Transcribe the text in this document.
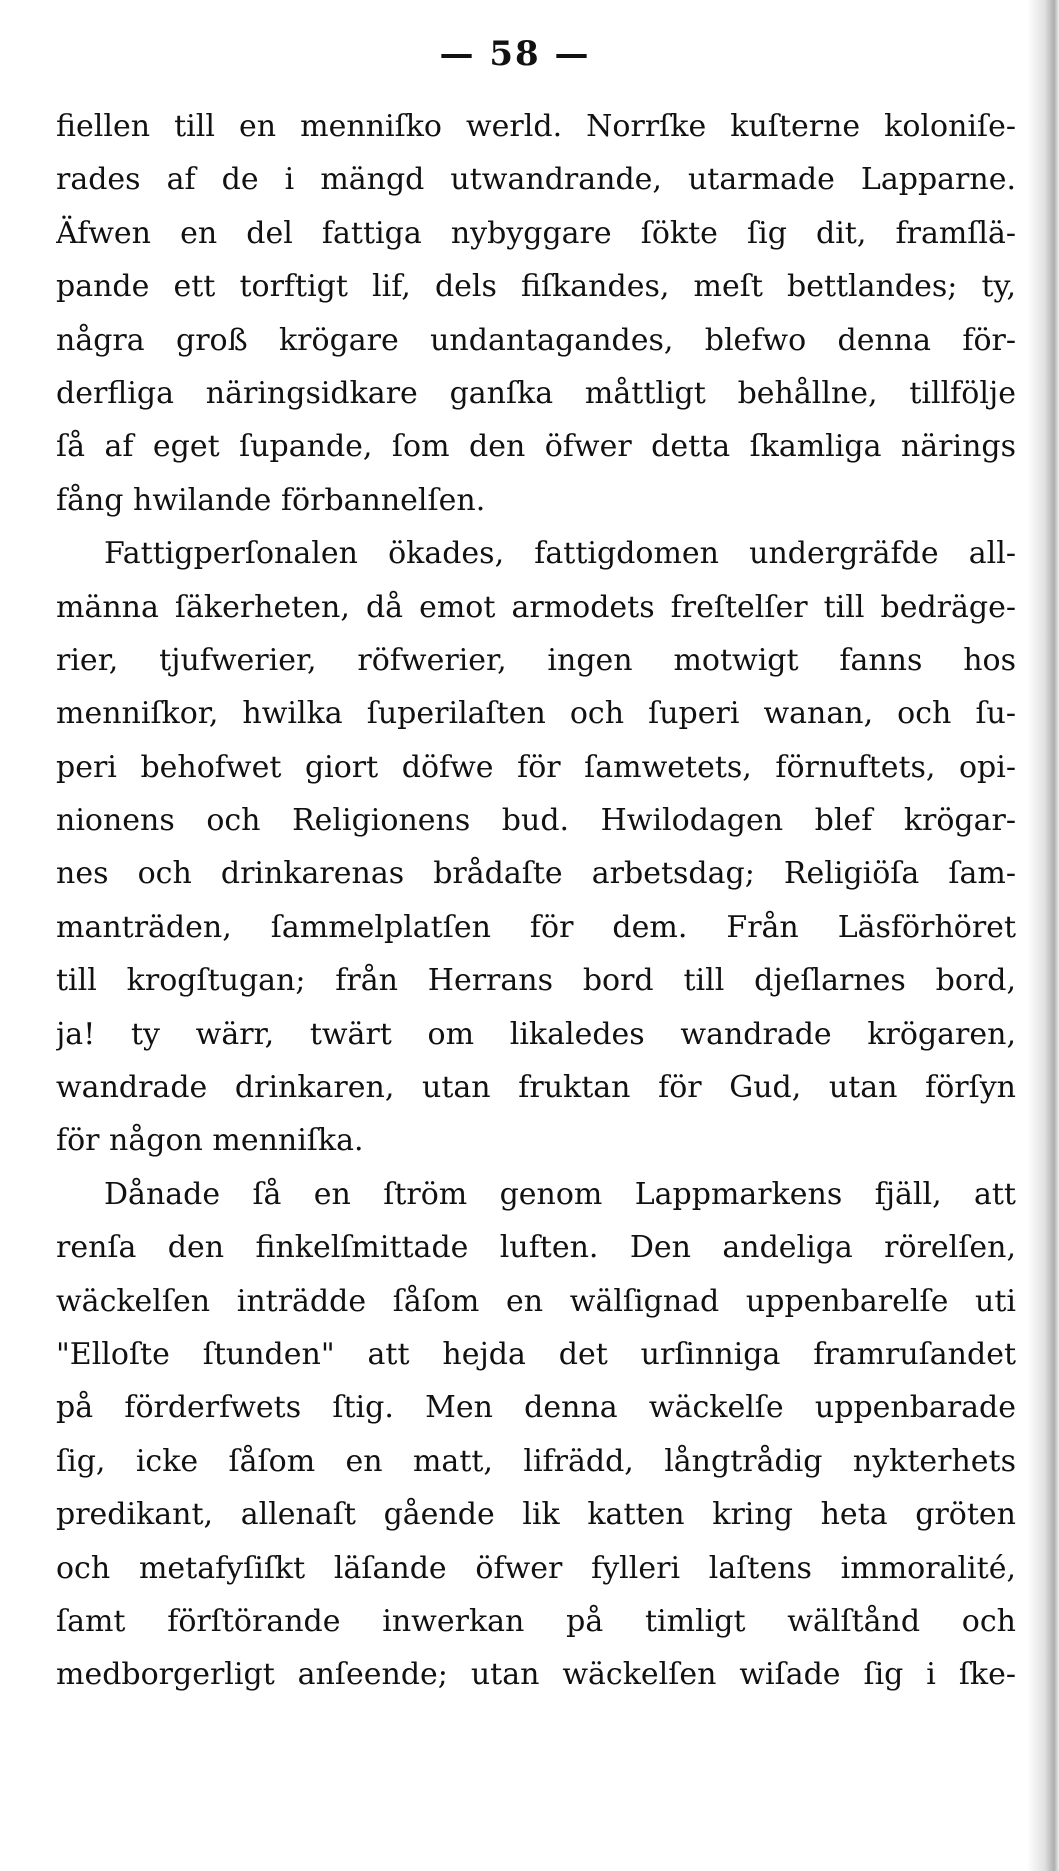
— 58 —
fiellen till en menniſko werld. Norrſke kuſterne koloniſe-
rades af de i mängd utwandrande, utarmade Lapparne.
Äfwen en del fattiga nybyggare ſökte ſig dit, framſlä-
pande ett torftigt lif, dels fiſkandes, meſt bettlandes; ty,
några groß krögare undantagandes, blefwo denna för-
derfliga näringsidkare ganſka måttligt behållne, tillfölje
ſå af eget ſupande, ſom den öfwer detta ſkamliga närings
fång hwilande förbannelſen.
Fattigperſonalen ökades, fattigdomen undergräfde all-
männa ſäkerheten, då emot armodets freſtelſer till bedräge-
rier, tjufwerier, röfwerier, ingen motwigt fanns hos
menniſkor, hwilka ſuperilaſten och ſuperi wanan, och ſu-
peri behofwet giort döfwe för ſamwetets, förnuftets, opi-
nionens och Religionens bud. Hwilodagen blef krögar-
nes och drinkarenas brådaſte arbetsdag; Religiöſa ſam-
manträden, ſammelplatſen för dem. Från Läsförhöret
till krogſtugan; från Herrans bord till djeſlarnes bord,
ja! ty wärr, twärt om likaledes wandrade krögaren,
wandrade drinkaren, utan fruktan för Gud, utan förſyn
för någon menniſka.
Dånade ſå en ſtröm genom Lappmarkens fjäll, att
renſa den finkelſmittade luften. Den andeliga rörelſen,
wäckelſen inträdde ſåſom en wälſignad uppenbarelſe uti
"Elloſte ſtunden" att hejda det urſinniga framruſandet
på förderfwets ſtig. Men denna wäckelſe uppenbarade
ſig, icke ſåſom en matt, lifrädd, långtrådig nykterhets
predikant, allenaſt gående lik katten kring heta gröten
och metafyſiſkt läſande öfwer fylleri laſtens immoralité,
ſamt förſtörande inwerkan på timligt wälſtånd och
medborgerligt anſeende; utan wäckelſen wiſade ſig i ſke-
